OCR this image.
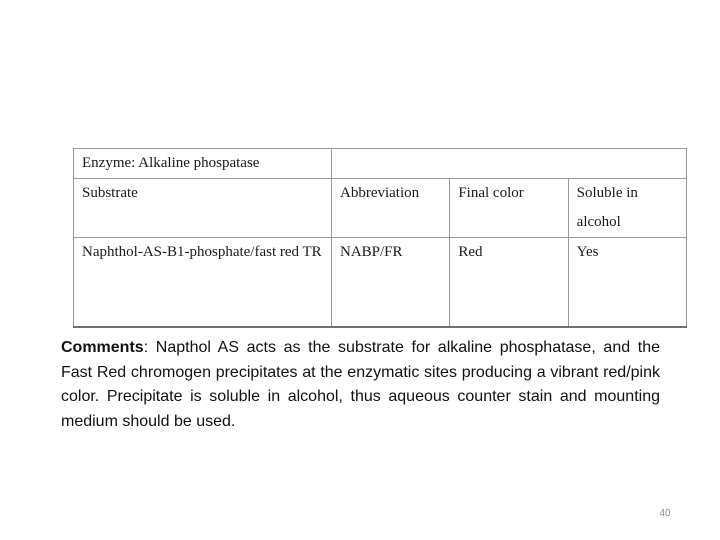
Enzyme: Alkaline phospatase			
Substrate	Abbreviation	Final color	Soluble in alcohol
Naphthol-AS-B1-phosphate/fast red TR	NABP/FR	Red	Yes

Comments: Napthol AS acts as the substrate for alkaline phosphatase, and the Fast Red chromogen precipitates at the enzymatic sites producing a vibrant red/pink color. Precipitate is soluble in alcohol, thus aqueous counter stain and mounting medium should be used.

40
